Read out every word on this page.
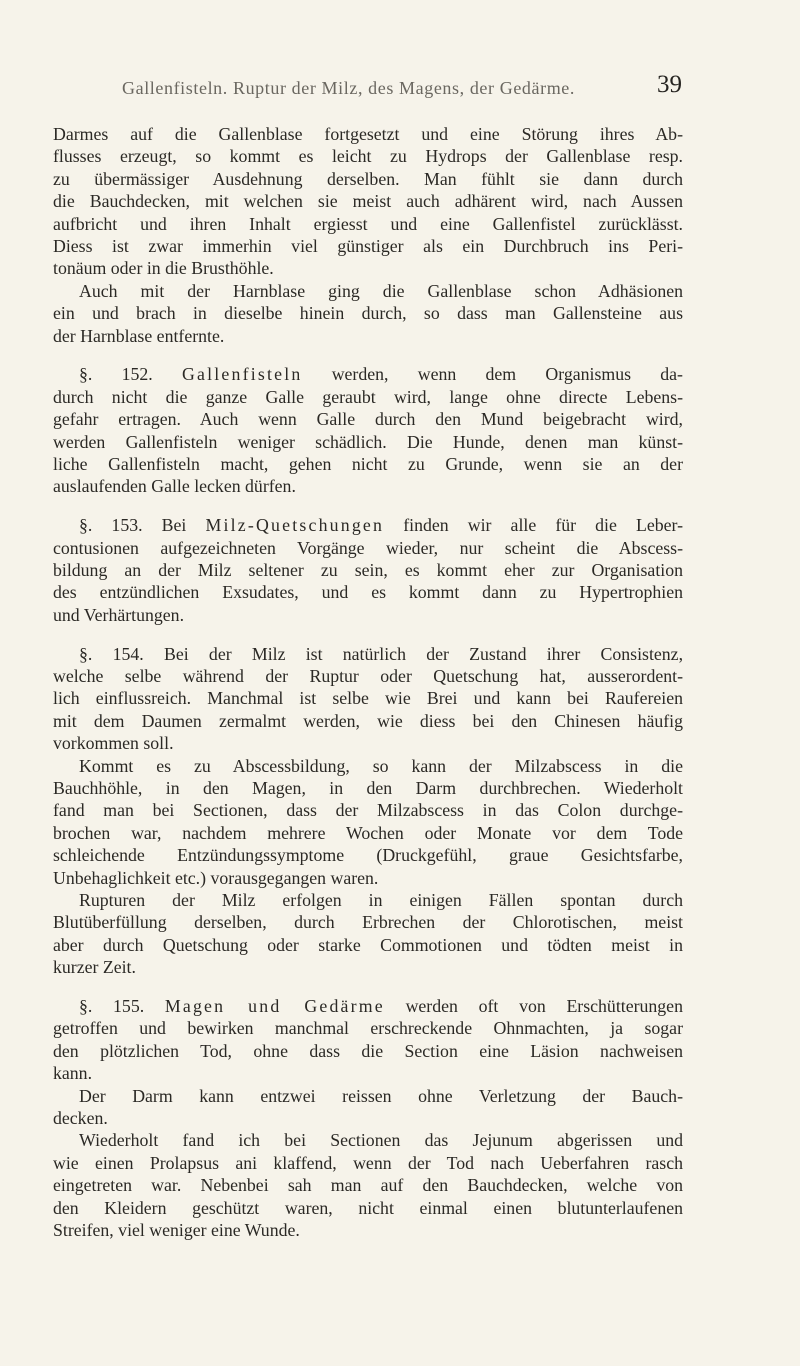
Gallenfisteln. Ruptur der Milz, des Magens, der Gedärme.	39
Darmes auf die Gallenblase fortgesetzt und eine Störung ihres Ab-
flusses erzeugt, so kommt es leicht zu Hydrops der Gallenblase resp.
zu übermässiger Ausdehnung derselben. Man fühlt sie dann durch
die Bauchdecken, mit welchen sie meist auch adhärent wird, nach Aussen
aufbricht und ihren Inhalt ergiesst und eine Gallenfistel zurücklässt.
Diess ist zwar immerhin viel günstiger als ein Durchbruch ins Peri-
tonäum oder in die Brusthöhle.
Auch mit der Harnblase ging die Gallenblase schon Adhäsionen
ein und brach in dieselbe hinein durch, so dass man Gallensteine aus
der Harnblase entfernte.
§. 152. Gallenfisteln werden, wenn dem Organismus da-
durch nicht die ganze Galle geraubt wird, lange ohne directe Lebens-
gefahr ertragen. Auch wenn Galle durch den Mund beigebracht wird,
werden Gallenfisteln weniger schädlich. Die Hunde, denen man künst-
liche Gallenfisteln macht, gehen nicht zu Grunde, wenn sie an der
auslaufenden Galle lecken dürfen.
§. 153. Bei Milz-Quetschungen finden wir alle für die Leber-
contusionen aufgezeichneten Vorgänge wieder, nur scheint die Abscess-
bildung an der Milz seltener zu sein, es kommt eher zur Organisation
des entzündlichen Exsudates, und es kommt dann zu Hypertrophien
und Verhärtungen.
§. 154. Bei der Milz ist natürlich der Zustand ihrer Consistenz,
welche selbe während der Ruptur oder Quetschung hat, ausserordent-
lich einflussreich. Manchmal ist selbe wie Brei und kann bei Raufereien
mit dem Daumen zermalmt werden, wie diess bei den Chinesen häufig
vorkommen soll.
Kommt es zu Abscessbildung, so kann der Milzabscess in die
Bauchhöhle, in den Magen, in den Darm durchbrechen. Wiederholt
fand man bei Sectionen, dass der Milzabscess in das Colon durchge-
brochen war, nachdem mehrere Wochen oder Monate vor dem Tode
schleichende Entzündungssymptome (Druckgefühl, graue Gesichtsfarbe,
Unbehaglichkeit etc.) vorausgegangen waren.
Rupturen der Milz erfolgen in einigen Fällen spontan durch
Blutüberfüllung derselben, durch Erbrechen der Chlorotischen, meist
aber durch Quetschung oder starke Commotionen und tödten meist in
kurzer Zeit.
§. 155. Magen und Gedärme werden oft von Erschütterungen
getroffen und bewirken manchmal erschreckende Ohnmachten, ja sogar
den plötzlichen Tod, ohne dass die Section eine Läsion nachweisen
kann.
Der Darm kann entzwei reissen ohne Verletzung der Bauch-
decken.
Wiederholt fand ich bei Sectionen das Jejunum abgerissen und
wie einen Prolapsus ani klaffend, wenn der Tod nach Ueberfahren rasch
eingetreten war. Nebenbei sah man auf den Bauchdecken, welche von
den Kleidern geschützt waren, nicht einmal einen blutunterlaufenen
Streifen, viel weniger eine Wunde.
